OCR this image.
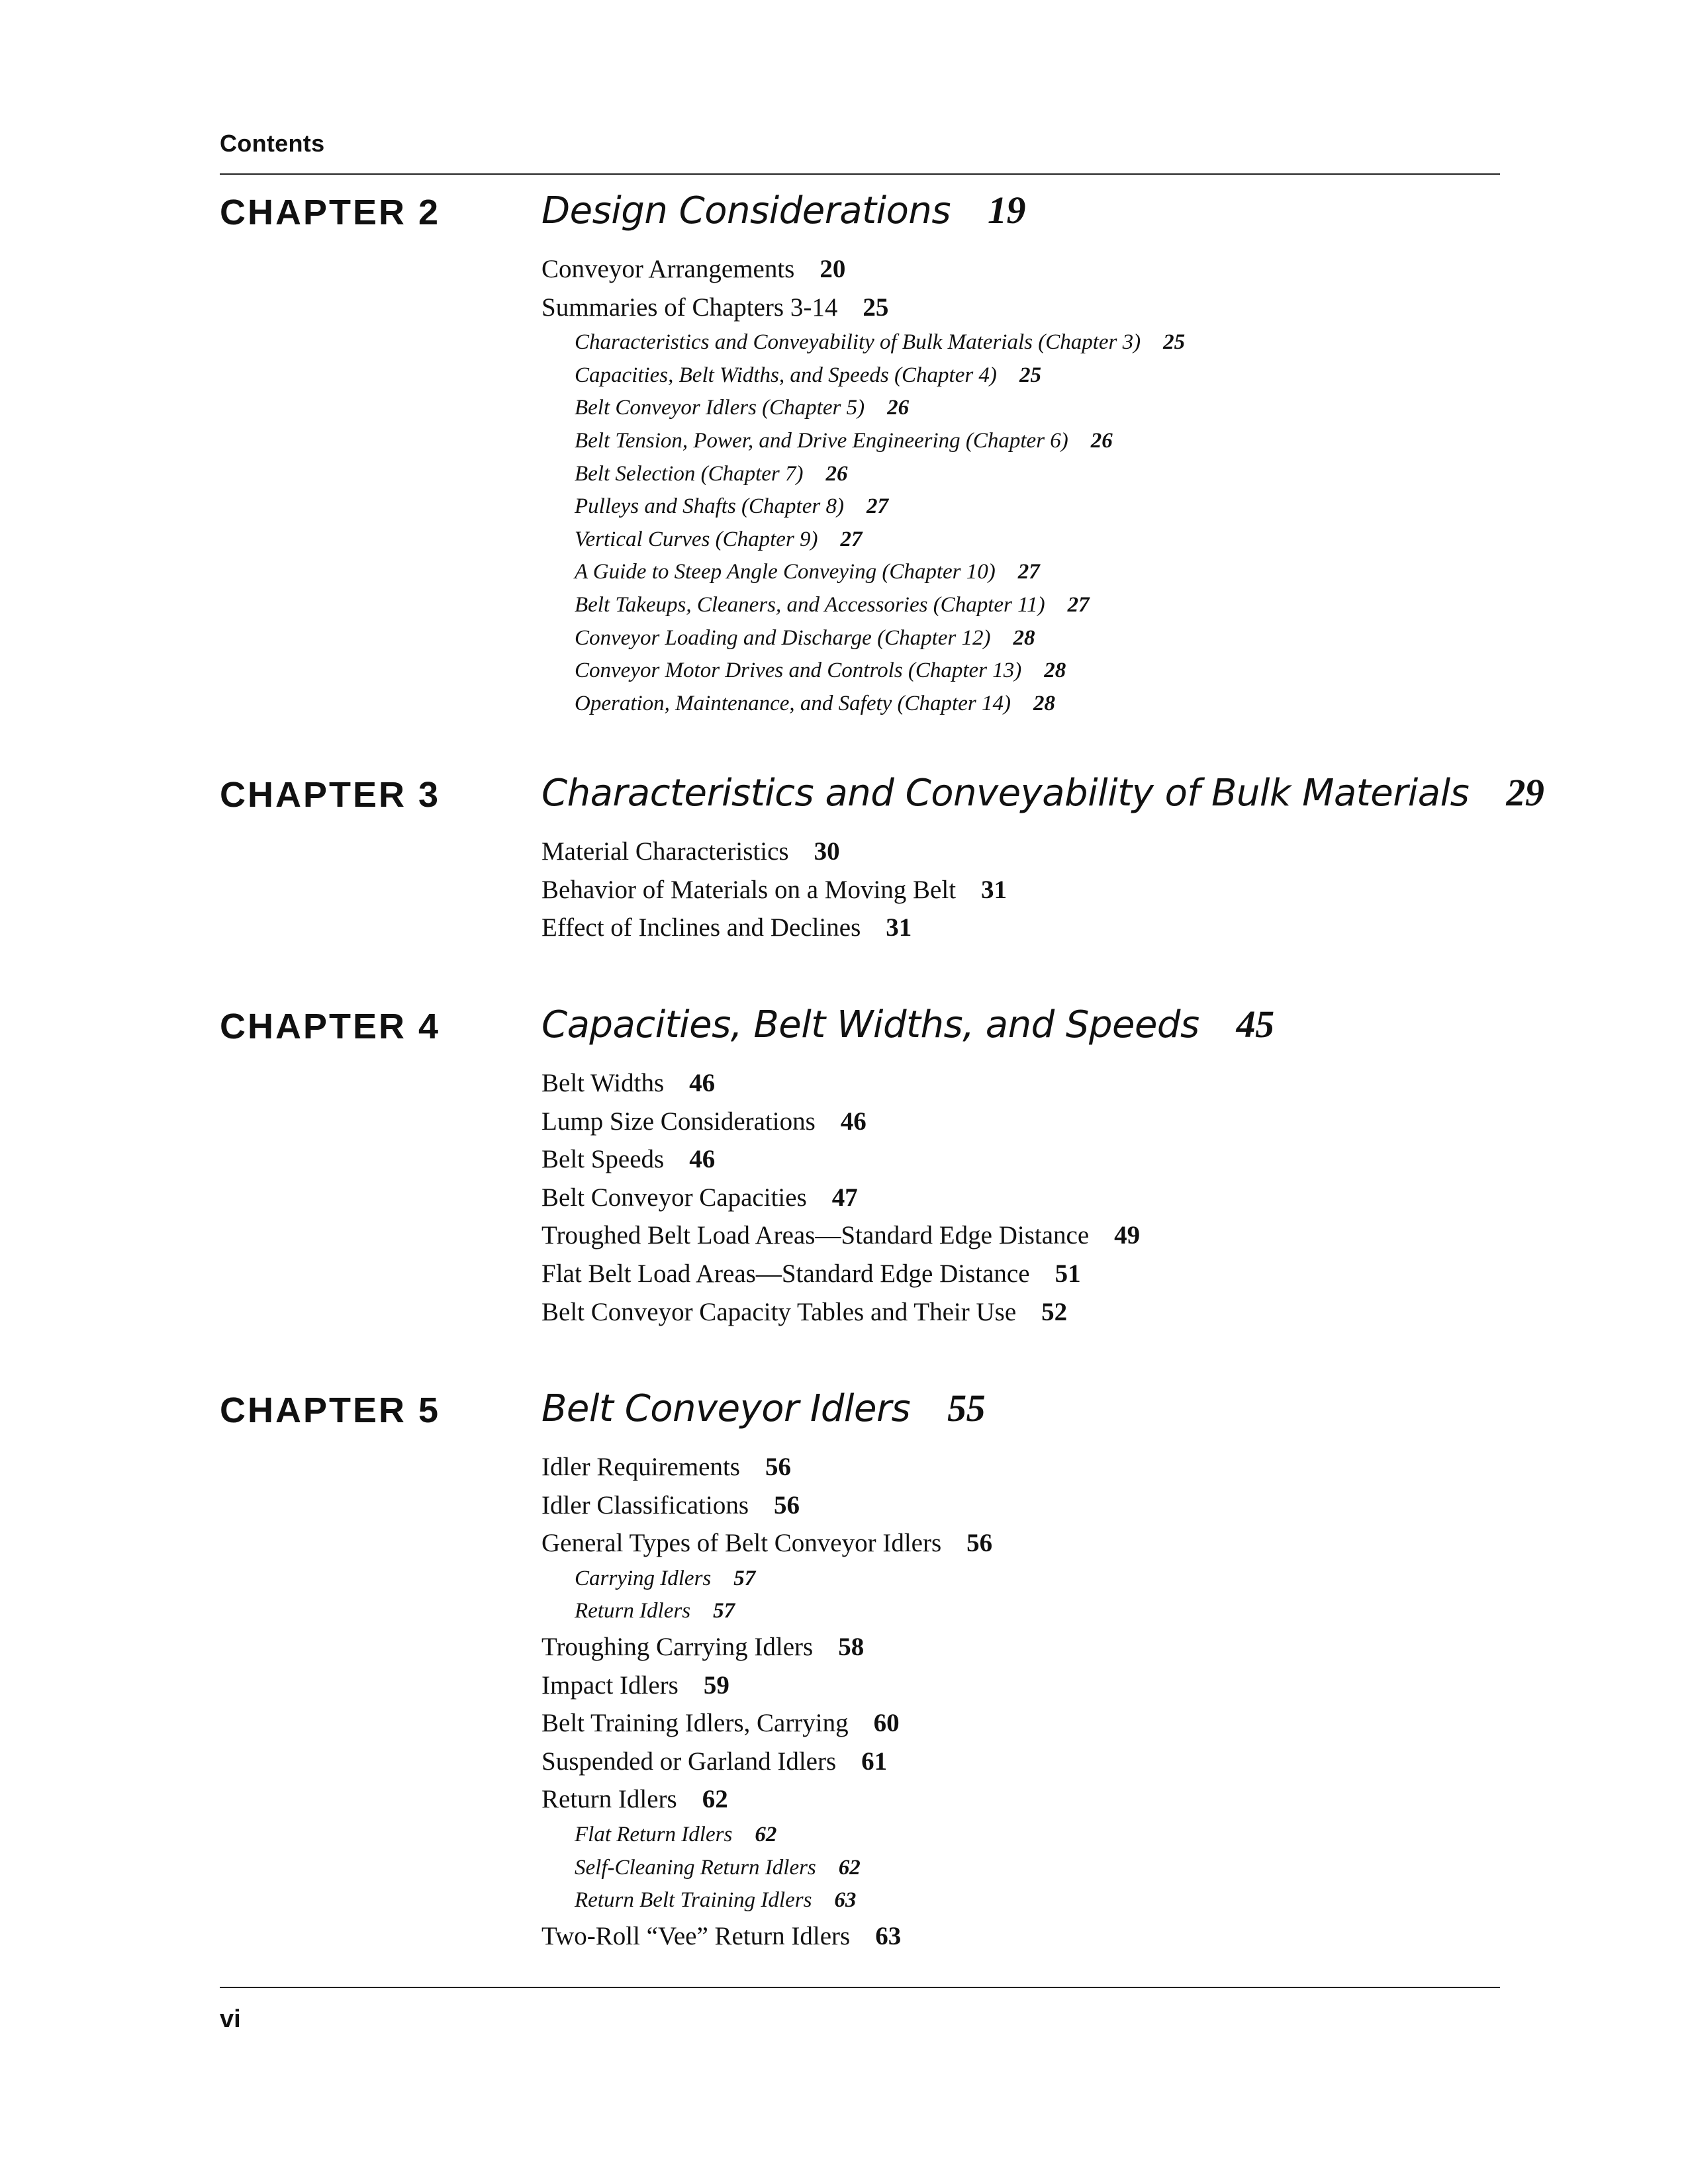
Contents
CHAPTER 2	Design Considerations 19
Conveyor Arrangements 20
Summaries of Chapters 3-14 25
Characteristics and Conveyability of Bulk Materials (Chapter 3) 25
Capacities, Belt Widths, and Speeds (Chapter 4) 25
Belt Conveyor Idlers (Chapter 5) 26
Belt Tension, Power, and Drive Engineering (Chapter 6) 26
Belt Selection (Chapter 7) 26
Pulleys and Shafts (Chapter 8) 27
Vertical Curves (Chapter 9) 27
A Guide to Steep Angle Conveying (Chapter 10) 27
Belt Takeups, Cleaners, and Accessories (Chapter 11) 27
Conveyor Loading and Discharge (Chapter 12) 28
Conveyor Motor Drives and Controls (Chapter 13) 28
Operation, Maintenance, and Safety (Chapter 14) 28
CHAPTER 3	Characteristics and Conveyability of Bulk Materials 29
Material Characteristics 30
Behavior of Materials on a Moving Belt 31
Effect of Inclines and Declines 31
CHAPTER 4	Capacities, Belt Widths, and Speeds 45
Belt Widths 46
Lump Size Considerations 46
Belt Speeds 46
Belt Conveyor Capacities 47
Troughed Belt Load Areas—Standard Edge Distance 49
Flat Belt Load Areas—Standard Edge Distance 51
Belt Conveyor Capacity Tables and Their Use 52
CHAPTER 5	Belt Conveyor Idlers 55
Idler Requirements 56
Idler Classifications 56
General Types of Belt Conveyor Idlers 56
Carrying Idlers 57
Return Idlers 57
Troughing Carrying Idlers 58
Impact Idlers 59
Belt Training Idlers, Carrying 60
Suspended or Garland Idlers 61
Return Idlers 62
Flat Return Idlers 62
Self-Cleaning Return Idlers 62
Return Belt Training Idlers 63
Two-Roll “Vee” Return Idlers 63
vi
